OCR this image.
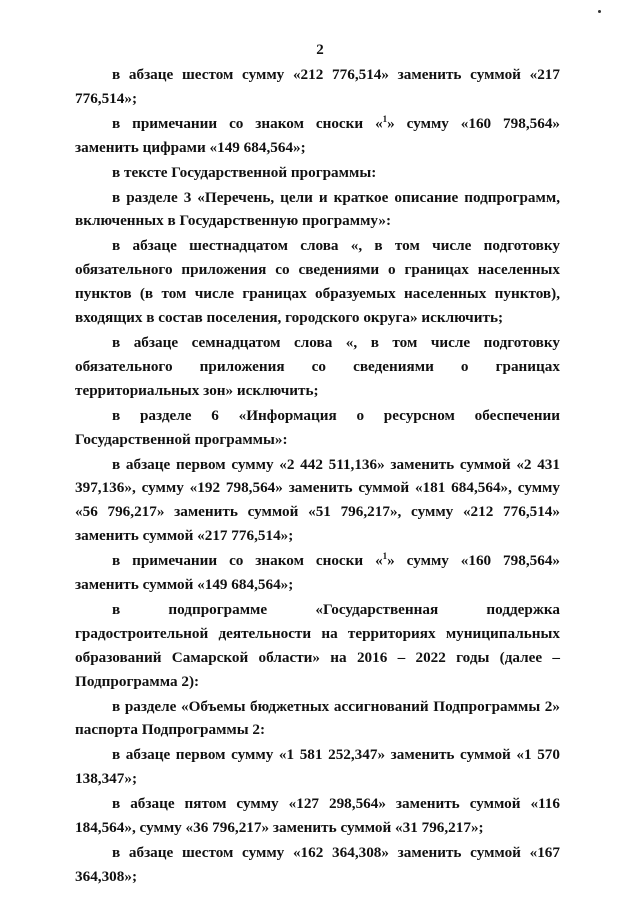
2

в абзаце шестом сумму «212 776,514» заменить суммой «217 776,514»;

в примечании со знаком сноски «$^1$» сумму «160 798,564» заменить цифрами «149 684,564»;

в тексте Государственной программы:

в разделе 3 «Перечень, цели и краткое описание подпрограмм, включенных в Государственную программу»:

в абзаце шестнадцатом слова «, в том числе подготовку обязательного приложения со сведениями о границах населенных пунктов (в том числе границах образуемых населенных пунктов), входящих в состав поселения, городского округа» исключить;

в абзаце семнадцатом слова «, в том числе подготовку обязательного приложения со сведениями о границах территориальных зон» исключить;

в разделе 6 «Информация о ресурсном обеспечении Государственной программы»:

в абзаце первом сумму «2 442 511,136» заменить суммой «2 431 397,136», сумму «192 798,564» заменить суммой «181 684,564», сумму «56 796,217» заменить суммой «51 796,217», сумму «212 776,514» заменить суммой «217 776,514»;

в примечании со знаком сноски «$^1$» сумму «160 798,564» заменить суммой «149 684,564»;

в подпрограмме «Государственная поддержка градостроительной деятельности на территориях муниципальных образований Самарской области» на 2016 – 2022 годы (далее – Подпрограмма 2):

в разделе «Объемы бюджетных ассигнований Подпрограммы 2» паспорта Подпрограммы 2:

в абзаце первом сумму «1 581 252,347» заменить суммой «1 570 138,347»;

в абзаце пятом сумму «127 298,564» заменить суммой «116 184,564», сумму «36 796,217» заменить суммой «31 796,217»;

в абзаце шестом сумму «162 364,308» заменить суммой «167 364,308»;
